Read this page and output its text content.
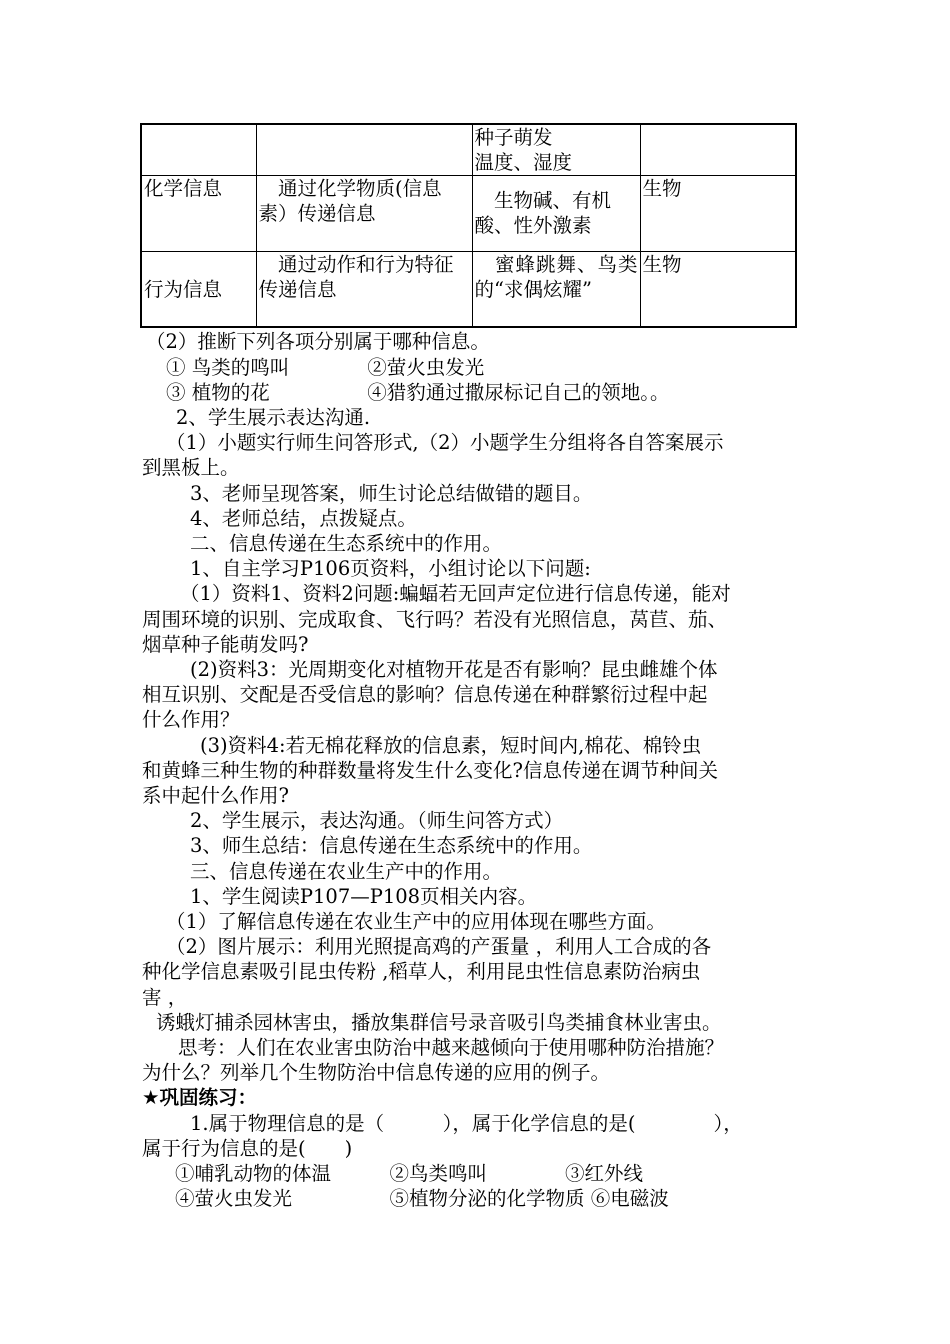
		种子萌发
温度、湿度	
化学信息	　通过化学物质(信息素）传递信息	　生物碱、有机酸、性外激素	生物

行为信息	　通过动作和行为特征传递信息	　蜜蜂跳舞、鸟类的“求偶炫耀”	生物
（2）推断下列各项分别属于哪种信息。
① 鸟类的鸣叫　　　　②萤火虫发光
③ 植物的花　　　　　④猎豹通过撒尿标记自己的领地。。
2、学生展示表达沟通.
（1）小题实行师生问答形式,（2）小题学生分组将各自答案展示
到黑板上。
3、老师呈现答案，师生讨论总结做错的题目。
4、老师总结，点拨疑点。
二、信息传递在生态系统中的作用。
1、自主学习P106页资料，小组讨论以下问题:
（1）资料1、资料2问题:蝙蝠若无回声定位进行信息传递，能对
周围环境的识别、完成取食、飞行吗？若没有光照信息，莴苣、茄、
烟草种子能萌发吗?
(2)资料3：光周期变化对植物开花是否有影响？昆虫雌雄个体
相互识别、交配是否受信息的影响？信息传递在种群繁衍过程中起
什么作用？
(3)资料4:若无棉花释放的信息素，短时间内,棉花、棉铃虫
和黄蜂三种生物的种群数量将发生什么变化?信息传递在调节种间关
系中起什么作用?
2、学生展示，表达沟通。（师生问答方式）
3、师生总结：信息传递在生态系统中的作用。
三、信息传递在农业生产中的作用。
1、学生阅读P107—P108页相关内容。
（1）了解信息传递在农业生产中的应用体现在哪些方面。
（2）图片展示：利用光照提高鸡的产蛋量 ，利用人工合成的各
种化学信息素吸引昆虫传粉 ,稻草人，利用昆虫性信息素防治病虫
害 ，
诱蛾灯捕杀园林害虫，播放集群信号录音吸引鸟类捕食林业害虫。
思考：人们在农业害虫防治中越来越倾向于使用哪种防治措施？
为什么？列举几个生物防治中信息传递的应用的例子。
★巩固练习：
1.属于物理信息的是（　　　），属于化学信息的是(　　　　），
属于行为信息的是(　　)
①哺乳动物的体温　　　②鸟类鸣叫　　　　③红外线
④萤火虫发光　　　　　⑤植物分泌的化学物质 ⑥电磁波
